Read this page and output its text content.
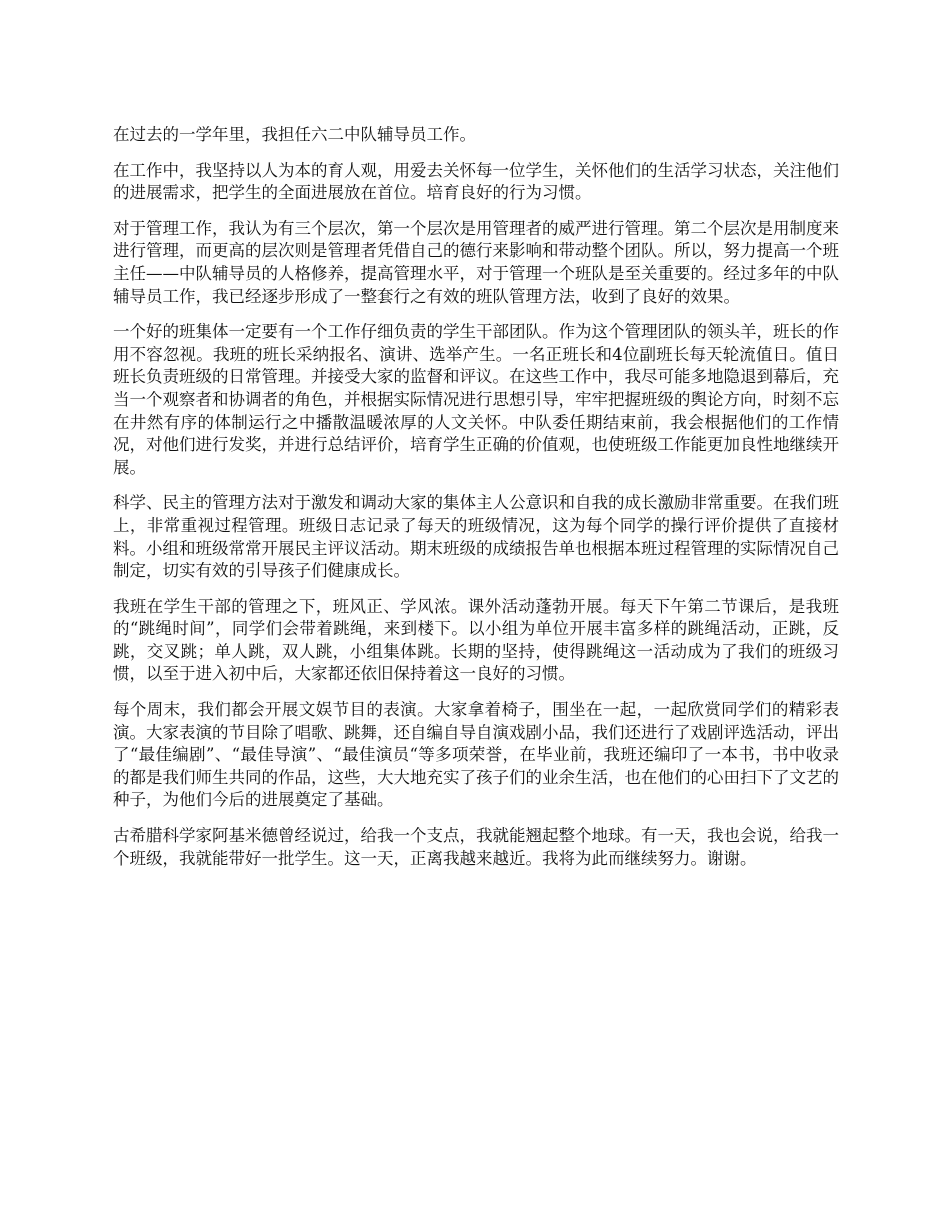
在过去的一学年里，我担任六二中队辅导员工作。

在工作中，我坚持以人为本的育人观，用爱去关怀每一位学生，关怀他们的生活学习状态，关注他们的进展需求，把学生的全面进展放在首位。培育良好的行为习惯。

对于管理工作，我认为有三个层次，第一个层次是用管理者的威严进行管理。第二个层次是用制度来进行管理，而更高的层次则是管理者凭借自己的德行来影响和带动整个团队。所以，努力提高一个班主任——中队辅导员的人格修养，提高管理水平，对于管理一个班队是至关重要的。经过多年的中队辅导员工作，我已经逐步形成了一整套行之有效的班队管理方法，收到了良好的效果。

一个好的班集体一定要有一个工作仔细负责的学生干部团队。作为这个管理团队的领头羊，班长的作用不容忽视。我班的班长采纳报名、演讲、选举产生。一名正班长和4位副班长每天轮流值日。值日班长负责班级的日常管理。并接受大家的监督和评议。在这些工作中，我尽可能多地隐退到幕后，充当一个观察者和协调者的角色，并根据实际情况进行思想引导，牢牢把握班级的舆论方向，时刻不忘在井然有序的体制运行之中播散温暖浓厚的人文关怀。中队委任期结束前，我会根据他们的工作情况，对他们进行发奖，并进行总结评价，培育学生正确的价值观，也使班级工作能更加良性地继续开展。

科学、民主的管理方法对于激发和调动大家的集体主人公意识和自我的成长激励非常重要。在我们班上，非常重视过程管理。班级日志记录了每天的班级情况，这为每个同学的操行评价提供了直接材料。小组和班级常常开展民主评议活动。期末班级的成绩报告单也根据本班过程管理的实际情况自己制定，切实有效的引导孩子们健康成长。

我班在学生干部的管理之下，班风正、学风浓。课外活动蓬勃开展。每天下午第二节课后，是我班的“跳绳时间”，同学们会带着跳绳，来到楼下。以小组为单位开展丰富多样的跳绳活动，正跳，反跳，交叉跳；单人跳，双人跳，小组集体跳。长期的坚持，使得跳绳这一活动成为了我们的班级习惯，以至于进入初中后，大家都还依旧保持着这一良好的习惯。

每个周末，我们都会开展文娱节目的表演。大家拿着椅子，围坐在一起，一起欣赏同学们的精彩表演。大家表演的节目除了唱歌、跳舞，还自编自导自演戏剧小品，我们还进行了戏剧评选活动，评出了“最佳编剧”、“最佳导演”、“最佳演员“等多项荣誉，在毕业前，我班还编印了一本书，书中收录的都是我们师生共同的作品，这些，大大地充实了孩子们的业余生活，也在他们的心田扫下了文艺的种子，为他们今后的进展奠定了基础。

古希腊科学家阿基米德曾经说过，给我一个支点，我就能翘起整个地球。有一天，我也会说，给我一个班级，我就能带好一批学生。这一天，正离我越来越近。我将为此而继续努力。谢谢。
